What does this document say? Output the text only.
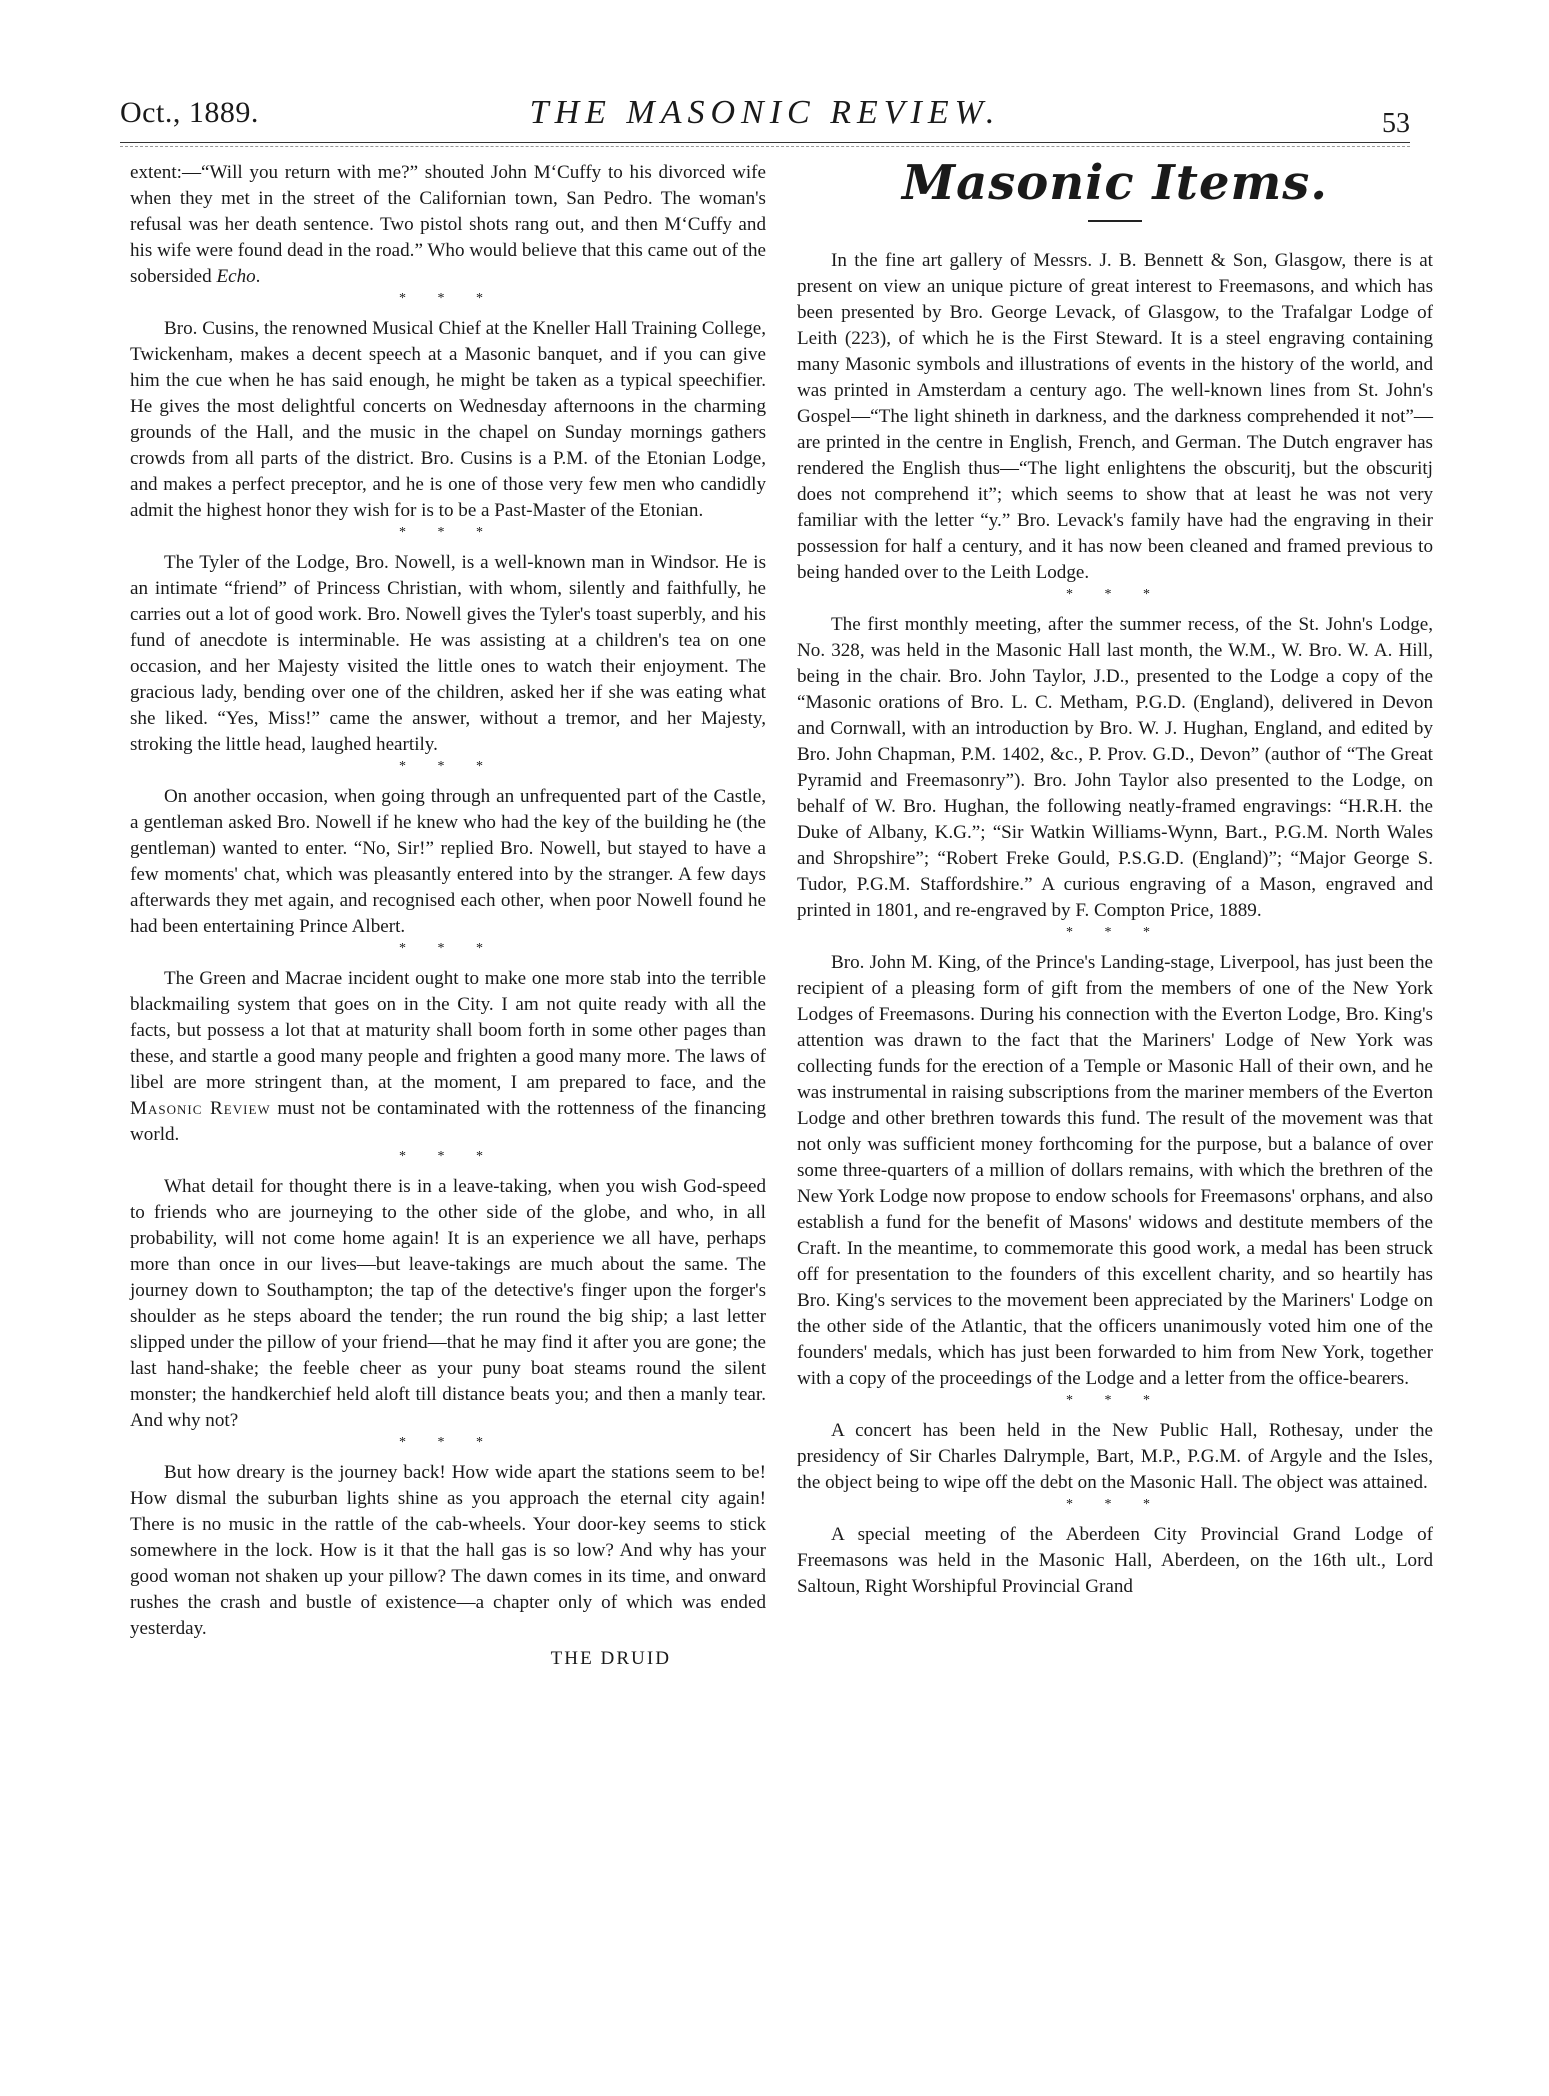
Oct., 1889.	THE MASONIC REVIEW.	53

extent:—“Will you return with me?” shouted John M‘Cuffy to his divorced wife when they met in the street of the Californian town, San Pedro. The woman's refusal was her death sentence. Two pistol shots rang out, and then M‘Cuffy and his wife were found dead in the road.” Who would believe that this came out of the sobersided Echo.

* * *

Bro. Cusins, the renowned Musical Chief at the Kneller Hall Training College, Twickenham, makes a decent speech at a Masonic banquet, and if you can give him the cue when he has said enough, he might be taken as a typical speechifier. He gives the most delightful concerts on Wednesday afternoons in the charming grounds of the Hall, and the music in the chapel on Sunday mornings gathers crowds from all parts of the district. Bro. Cusins is a P.M. of the Etonian Lodge, and makes a perfect preceptor, and he is one of those very few men who candidly admit the highest honor they wish for is to be a Past-Master of the Etonian.

* * *

The Tyler of the Lodge, Bro. Nowell, is a well-known man in Windsor. He is an intimate “friend” of Princess Christian, with whom, silently and faithfully, he carries out a lot of good work. Bro. Nowell gives the Tyler's toast superbly, and his fund of anecdote is interminable. He was assisting at a children's tea on one occasion, and her Majesty visited the little ones to watch their enjoyment. The gracious lady, bending over one of the children, asked her if she was eating what she liked. “Yes, Miss!” came the answer, without a tremor, and her Majesty, stroking the little head, laughed heartily.

* * *

On another occasion, when going through an unfrequented part of the Castle, a gentleman asked Bro. Nowell if he knew who had the key of the building he (the gentleman) wanted to enter. “No, Sir!” replied Bro. Nowell, but stayed to have a few moments' chat, which was pleasantly entered into by the stranger. A few days afterwards they met again, and recognised each other, when poor Nowell found he had been entertaining Prince Albert.

* * *

The Green and Macrae incident ought to make one more stab into the terrible blackmailing system that goes on in the City. I am not quite ready with all the facts, but possess a lot that at maturity shall boom forth in some other pages than these, and startle a good many people and frighten a good many more. The laws of libel are more stringent than, at the moment, I am prepared to face, and the Masonic Review must not be contaminated with the rottenness of the financing world.

* * *

What detail for thought there is in a leave-taking, when you wish God-speed to friends who are journeying to the other side of the globe, and who, in all probability, will not come home again! It is an experience we all have, perhaps more than once in our lives—but leave-takings are much about the same. The journey down to Southampton; the tap of the detective's finger upon the forger's shoulder as he steps aboard the tender; the run round the big ship; a last letter slipped under the pillow of your friend—that he may find it after you are gone; the last hand-shake; the feeble cheer as your puny boat steams round the silent monster; the handkerchief held aloft till distance beats you; and then a manly tear. And why not?

* * *

But how dreary is the journey back! How wide apart the stations seem to be! How dismal the suburban lights shine as you approach the eternal city again! There is no music in the rattle of the cab-wheels. Your door-key seems to stick somewhere in the lock. How is it that the hall gas is so low? And why has your good woman not shaken up your pillow? The dawn comes in its time, and onward rushes the crash and bustle of existence—a chapter only of which was ended yesterday.

THE DRUID
Masonic Items.

In the fine art gallery of Messrs. J. B. Bennett & Son, Glasgow, there is at present on view an unique picture of great interest to Freemasons, and which has been presented by Bro. George Levack, of Glasgow, to the Trafalgar Lodge of Leith (223), of which he is the First Steward. It is a steel engraving containing many Masonic symbols and illustrations of events in the history of the world, and was printed in Amsterdam a century ago. The well-known lines from St. John's Gospel—“The light shineth in darkness, and the darkness comprehended it not”—are printed in the centre in English, French, and German. The Dutch engraver has rendered the English thus—“The light enlightens the obscuritj, but the obscuritj does not comprehend it”; which seems to show that at least he was not very familiar with the letter “y.” Bro. Levack's family have had the engraving in their possession for half a century, and it has now been cleaned and framed previous to being handed over to the Leith Lodge.

* * *

The first monthly meeting, after the summer recess, of the St. John's Lodge, No. 328, was held in the Masonic Hall last month, the W.M., W. Bro. W. A. Hill, being in the chair. Bro. John Taylor, J.D., presented to the Lodge a copy of the “Masonic orations of Bro. L. C. Metham, P.G.D. (England), delivered in Devon and Cornwall, with an introduction by Bro. W. J. Hughan, England, and edited by Bro. John Chapman, P.M. 1402, &c., P. Prov. G.D., Devon” (author of “The Great Pyramid and Freemasonry”). Bro. John Taylor also presented to the Lodge, on behalf of W. Bro. Hughan, the following neatly-framed engravings: “H.R.H. the Duke of Albany, K.G.”; “Sir Watkin Williams-Wynn, Bart., P.G.M. North Wales and Shropshire”; “Robert Freke Gould, P.S.G.D. (England)”; “Major George S. Tudor, P.G.M. Staffordshire.” A curious engraving of a Mason, engraved and printed in 1801, and re-engraved by F. Compton Price, 1889.

* * *

Bro. John M. King, of the Prince's Landing-stage, Liverpool, has just been the recipient of a pleasing form of gift from the members of one of the New York Lodges of Freemasons. During his connection with the Everton Lodge, Bro. King's attention was drawn to the fact that the Mariners' Lodge of New York was collecting funds for the erection of a Temple or Masonic Hall of their own, and he was instrumental in raising subscriptions from the mariner members of the Everton Lodge and other brethren towards this fund. The result of the movement was that not only was sufficient money forthcoming for the purpose, but a balance of over some three-quarters of a million of dollars remains, with which the brethren of the New York Lodge now propose to endow schools for Freemasons' orphans, and also establish a fund for the benefit of Masons' widows and destitute members of the Craft. In the meantime, to commemorate this good work, a medal has been struck off for presentation to the founders of this excellent charity, and so heartily has Bro. King's services to the movement been appreciated by the Mariners' Lodge on the other side of the Atlantic, that the officers unanimously voted him one of the founders' medals, which has just been forwarded to him from New York, together with a copy of the proceedings of the Lodge and a letter from the office-bearers.

* * *

A concert has been held in the New Public Hall, Rothesay, under the presidency of Sir Charles Dalrymple, Bart, M.P., P.G.M. of Argyle and the Isles, the object being to wipe off the debt on the Masonic Hall. The object was attained.

* * *

A special meeting of the Aberdeen City Provincial Grand Lodge of Freemasons was held in the Masonic Hall, Aberdeen, on the 16th ult., Lord Saltoun, Right Worshipful Provincial Grand
